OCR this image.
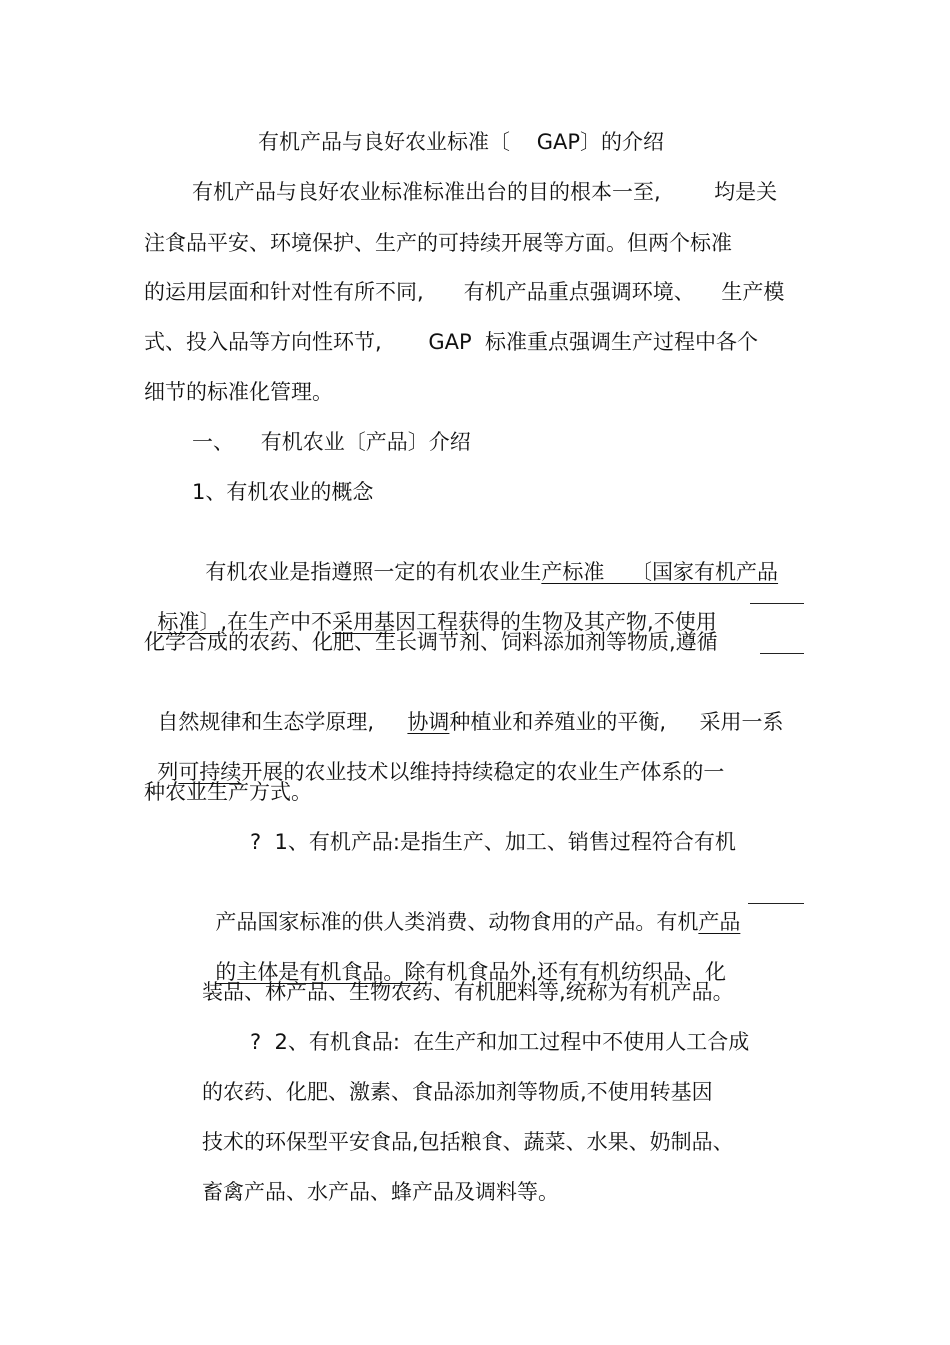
有机产品与良好农业标准〔    GAP〕的介绍
有机产品与良好农业标准标准出台的目的根本一至,        均是关
注食品平安、环境保护、生产的可持续开展等方面。但两个标准
的运用层面和针对性有所不同,      有机产品重点强调环境、    生产模
式、投入品等方向性环节,       GAP  标准重点强调生产过程中各个
细节的标准化管理。
一、    有机农业〔产品〕介绍
1、有机农业的概念

有机农业是指遵照一定的有机农业生产标准    〔国家有机产品

标准〕,在生产中不采用基因工程获得的生物及其产物,不使用

化学合成的农药、化肥、生长调节剂、饲料添加剂等物质,遵循

自然规律和生态学原理,     协调种植业和养殖业的平衡,     采用一系

列可持续开展的农业技术以维持持续稳定的农业生产体系的一

种农业生产方式。
?  1、有机产品:是指生产、加工、销售过程符合有机

产品国家标准的供人类消费、动物食用的产品。有机产品

的主体是有机食品。除有机食品外,还有有机纺织品、化

装品、林产品、生物农药、有机肥料等,统称为有机产品。
?  2、有机食品:  在生产和加工过程中不使用人工合成
的农药、化肥、激素、食品添加剂等物质,不使用转基因
技术的环保型平安食品,包括粮食、蔬菜、水果、奶制品、
畜禽产品、水产品、蜂产品及调料等。
